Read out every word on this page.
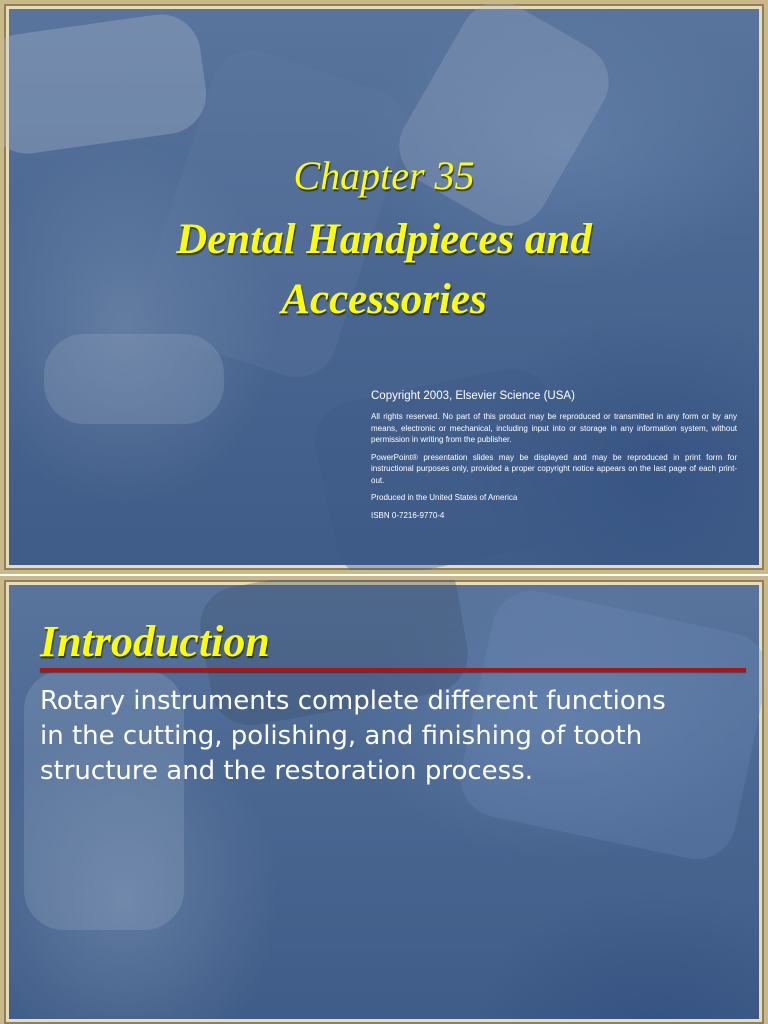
Chapter 35
Dental Handpieces and
Accessories
Copyright 2003, Elsevier Science (USA)

All rights reserved. No part of this product may be reproduced or transmitted in any form or by any means, electronic or mechanical, including input into or storage in any information system, without permission in writing from the publisher.

PowerPoint® presentation slides may be displayed and may be reproduced in print form for instructional purposes only, provided a proper copyright notice appears on the last page of each print-out.

Produced in the United States of America

ISBN 0-7216-9770-4

Introduction
Rotary instruments complete different functions in the cutting, polishing, and finishing of tooth structure and the restoration process.
